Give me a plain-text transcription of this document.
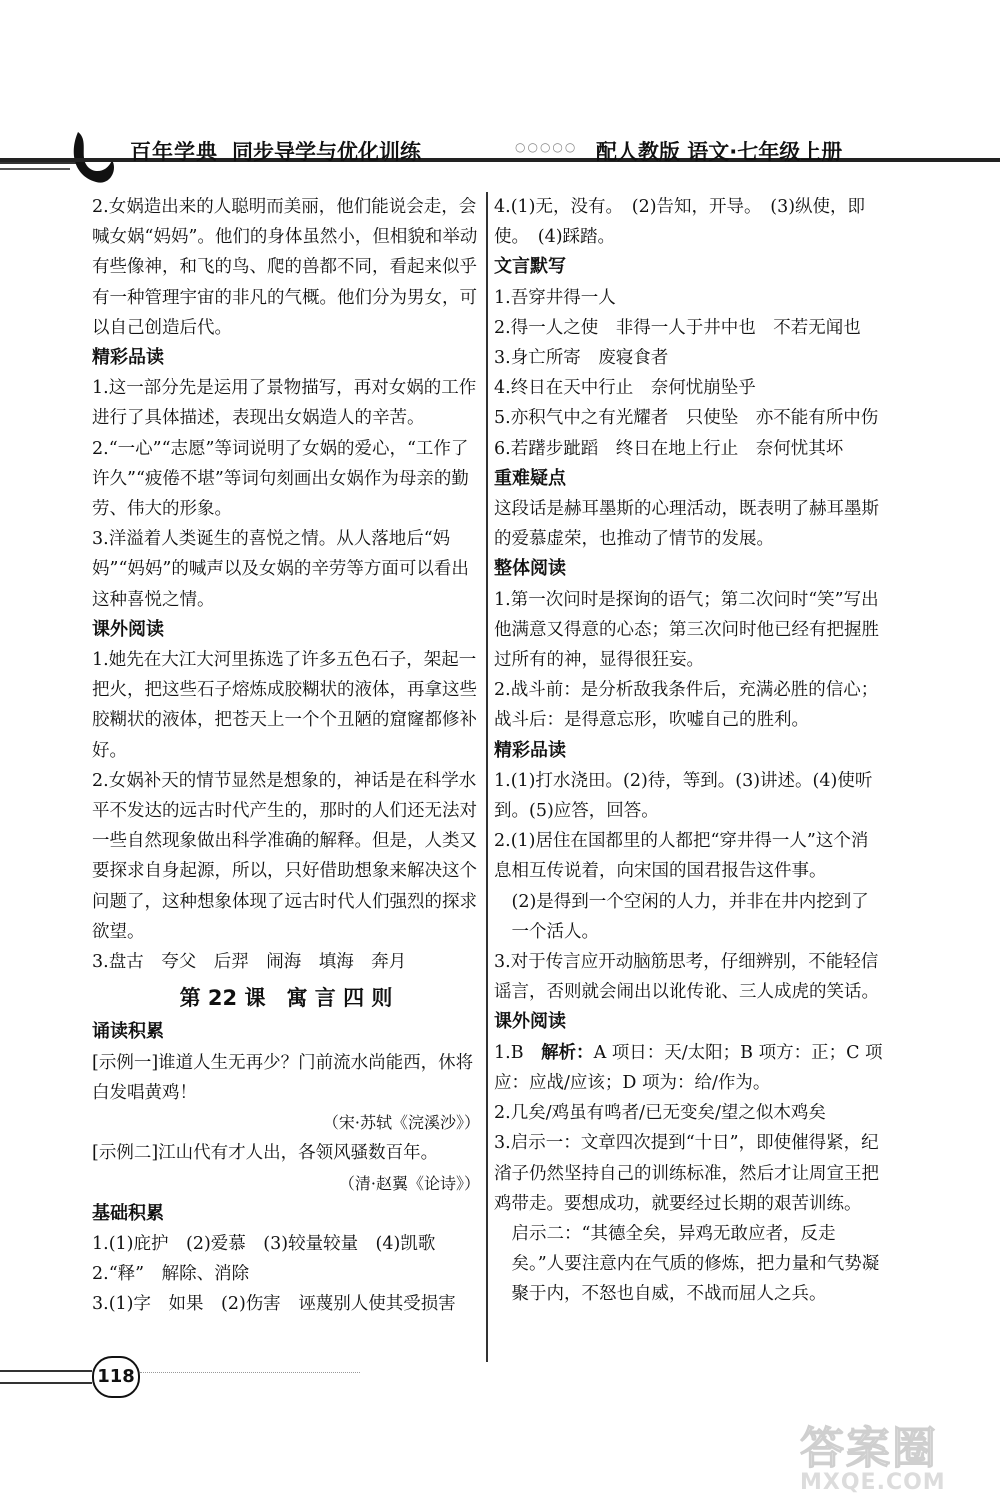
百年学典 同步导学与优化训练	○○○○○ 配人教版 语文·七年级上册

2.女娲造出来的人聪明而美丽，他们能说会走，会喊女娲“妈妈”。他们的身体虽然小，但相貌和举动有些像神，和飞的鸟、爬的兽都不同，看起来似乎有一种管理宇宙的非凡的气概。他们分为男女，可以自己创造后代。

精彩品读

1.这一部分先是运用了景物描写，再对女娲的工作进行了具体描述，表现出女娲造人的辛苦。

2.“一心”“志愿”等词说明了女娲的爱心，“工作了许久”“疲倦不堪”等词句刻画出女娲作为母亲的勤劳、伟大的形象。

3.洋溢着人类诞生的喜悦之情。从人落地后“妈妈”“妈妈”的喊声以及女娲的辛劳等方面可以看出这种喜悦之情。

课外阅读

1.她先在大江大河里拣选了许多五色石子，架起一把火，把这些石子熔炼成胶糊状的液体，再拿这些胶糊状的液体，把苍天上一个个丑陋的窟窿都修补好。

2.女娲补天的情节显然是想象的，神话是在科学水平不发达的远古时代产生的，那时的人们还无法对一些自然现象做出科学准确的解释。但是，人类又要探求自身起源，所以，只好借助想象来解决这个问题了，这种想象体现了远古时代人们强烈的探求欲望。

3.盘古　夸父　后羿　闹海　填海　奔月

第 22 课　寓 言 四 则

诵读积累

[示例一]谁道人生无再少？门前流水尚能西，休将白发唱黄鸡！

（宋·苏轼《浣溪沙》）

[示例二]江山代有才人出，各领风骚数百年。

（清·赵翼《论诗》）

基础积累

1.(1)庇护　(2)爱慕　(3)较量较量　(4)凯歌

2.“释”　解除、消除

3.(1)字　如果　(2)伤害　诬蔑别人使其受损害

4.(1)无，没有。　(2)告知，开导。　(3)纵使，即使。　(4)踩踏。

文言默写

1.吾穿井得一人

2.得一人之使　非得一人于井中也　不若无闻也

3.身亡所寄　废寝食者

4.终日在天中行止　奈何忧崩坠乎

5.亦积气中之有光耀者　只使坠　亦不能有所中伤

6.若躇步跐蹈　终日在地上行止　奈何忧其坏

重难疑点

这段话是赫耳墨斯的心理活动，既表明了赫耳墨斯的爱慕虚荣，也推动了情节的发展。

整体阅读

1.第一次问时是探询的语气；第二次问时“笑”写出他满意又得意的心态；第三次问时他已经有把握胜过所有的神，显得很狂妄。

2.战斗前：是分析敌我条件后，充满必胜的信心；战斗后：是得意忘形，吹嘘自己的胜利。

精彩品读

1.(1)打水浇田。(2)待，等到。(3)讲述。(4)使听到。(5)应答，回答。

2.(1)居住在国都里的人都把“穿井得一人”这个消息相互传说着，向宋国的国君报告这件事。

(2)是得到一个空闲的人力，并非在井内挖到了一个活人。

3.对于传言应开动脑筋思考，仔细辨别，不能轻信谣言，否则就会闹出以讹传讹、三人成虎的笑话。

课外阅读

1.B　解析：A 项日：天/太阳；B 项方：正；C 项应：应战/应该；D 项为：给/作为。

2.几矣/鸡虽有鸣者/已无变矣/望之似木鸡矣

3.启示一：文章四次提到“十日”，即使催得紧，纪渻子仍然坚持自己的训练标准，然后才让周宣王把鸡带走。要想成功，就要经过长期的艰苦训练。

启示二：“其德全矣，异鸡无敢应者，反走矣。”人要注意内在气质的修炼，把力量和气势凝聚于内，不怒也自威，不战而屈人之兵。

118
答案圈
MXQE.COM
